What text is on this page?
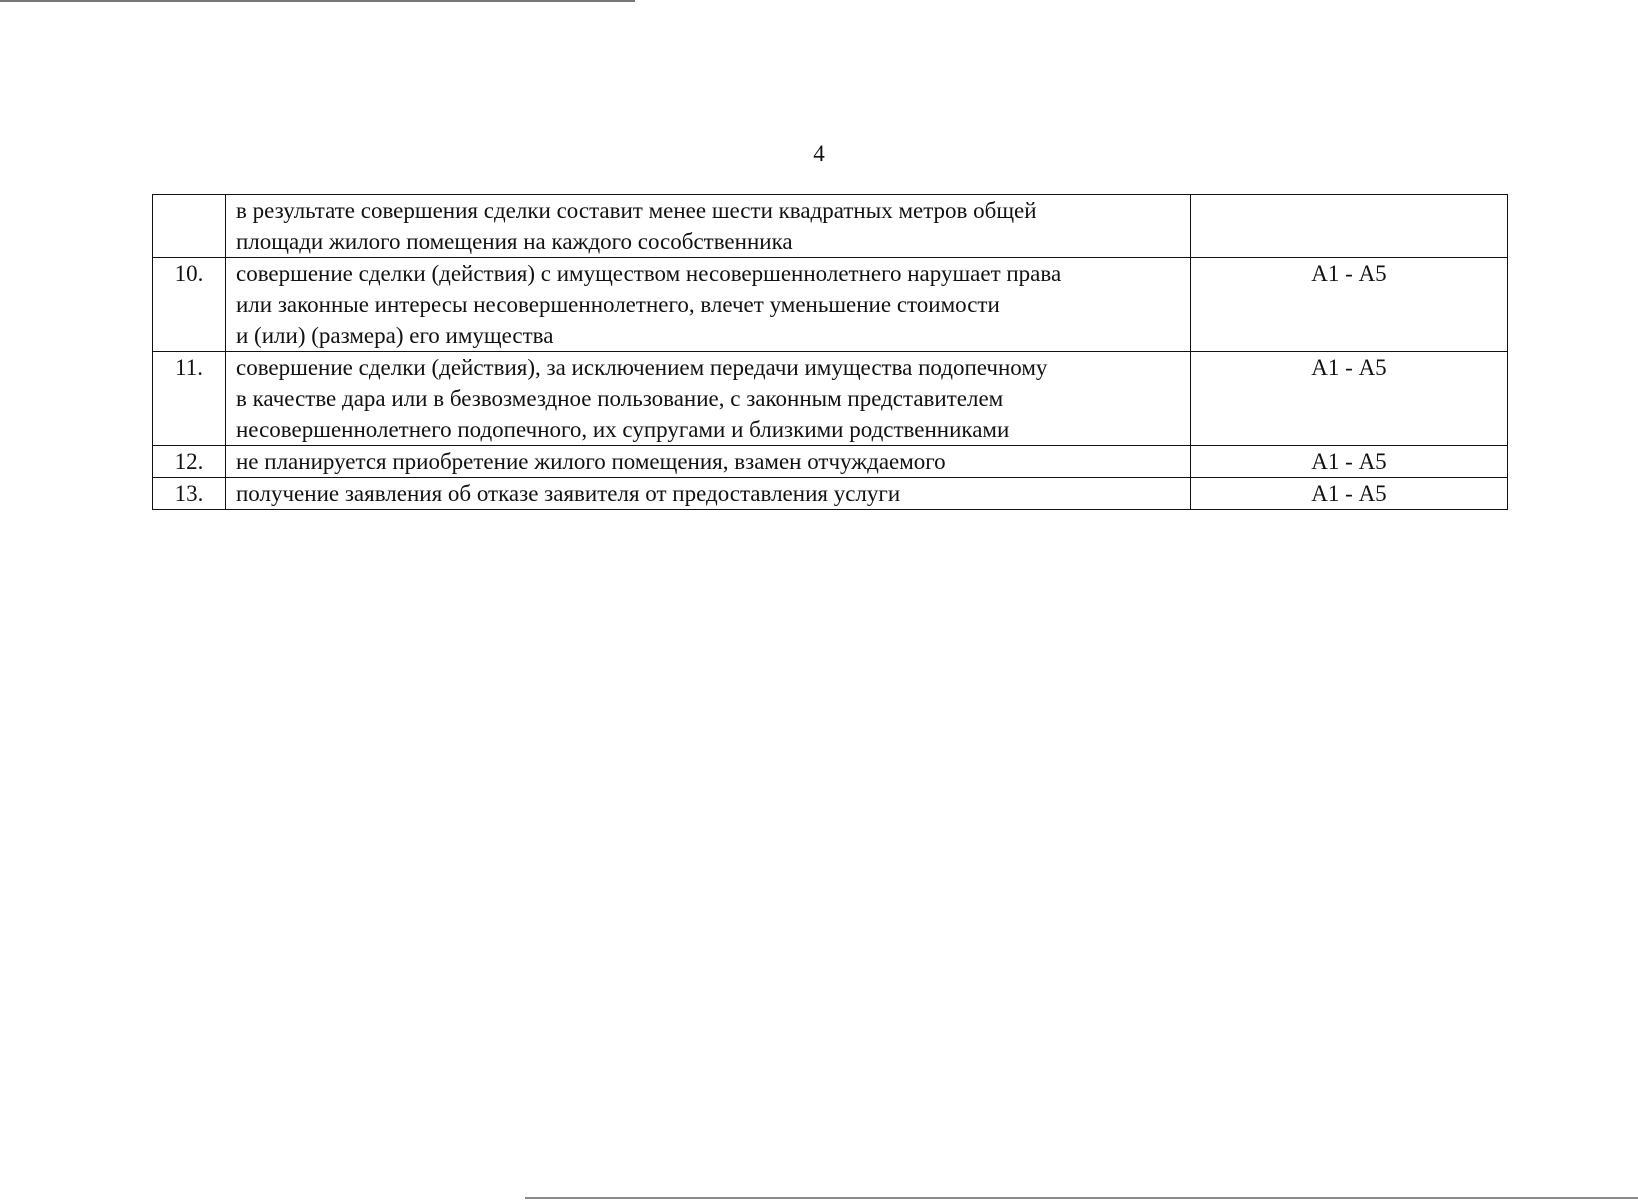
4

	в результате совершения сделки составит менее шести квадратных метров общей
площади жилого помещения на каждого сособственника	

10.	совершение сделки (действия) с имуществом несовершеннолетнего нарушает права
или законные интересы несовершеннолетнего, влечет уменьшение стоимости
и (или) (размера) его имущества	А1 - А5
11.	совершение сделки (действия), за исключением передачи имущества подопечному
в качестве дара или в безвозмездное пользование, с законным представителем
несовершеннолетнего подопечного, их супругами и близкими родственниками	А1 - А5
12.	не планируется приобретение жилого помещения, взамен отчуждаемого	А1 - А5
13.	получение заявления об отказе заявителя от предоставления услуги	А1 - А5
